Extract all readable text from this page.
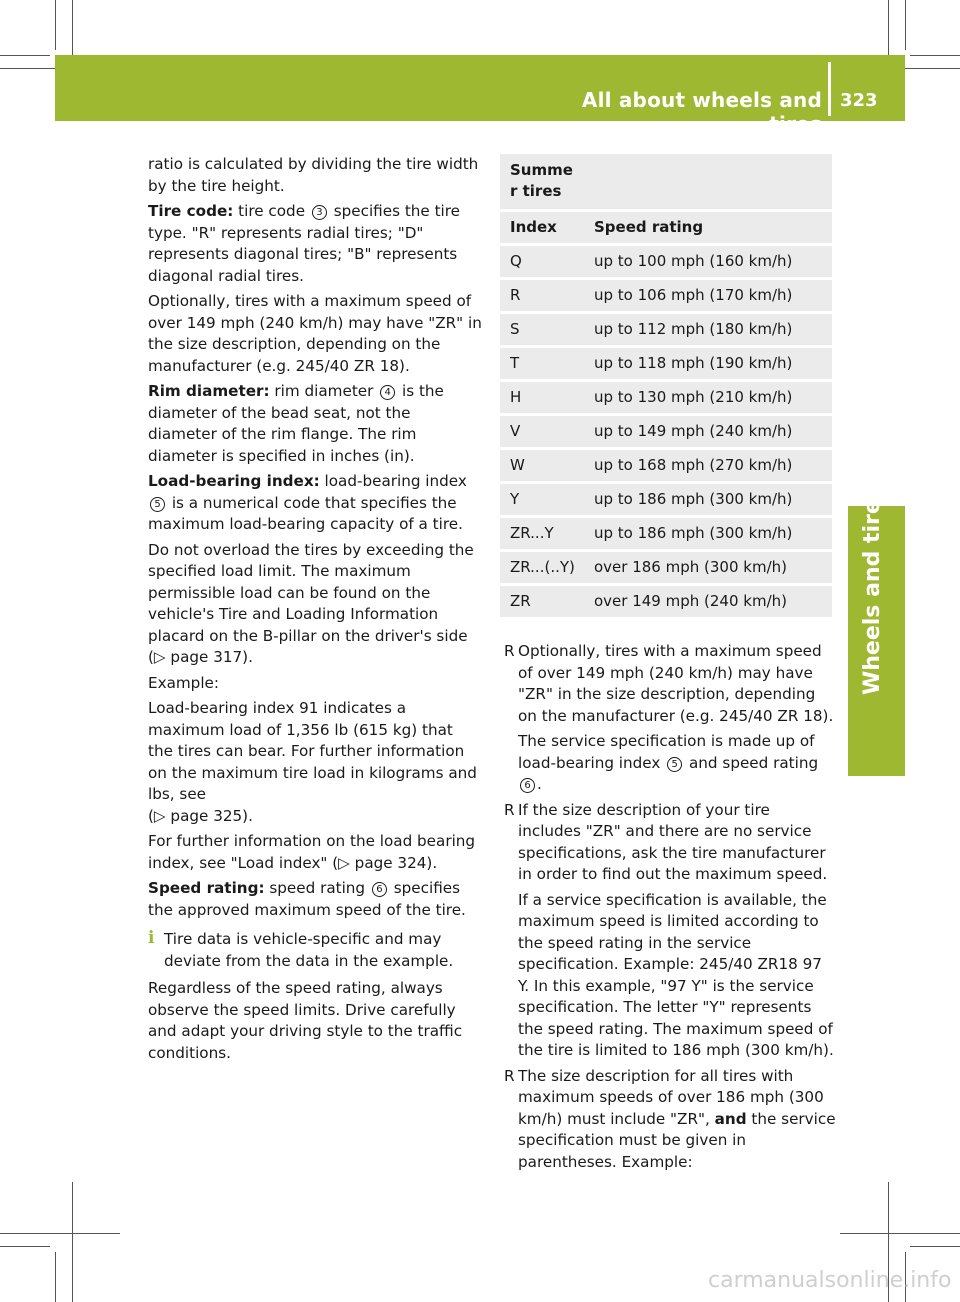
All about wheels and tires
323
Wheels and tires

ratio is calculated by dividing the tire width by the tire height.

Tire code: tire code 3 specifies the tire type. "R" represents radial tires; "D" represents diagonal tires; "B" represents diagonal radial tires.

Optionally, tires with a maximum speed of over 149 mph (240 km/h) may have "ZR" in the size description, depending on the manufacturer (e.g. 245/40 ZR 18).

Rim diameter: rim diameter 4 is the diameter of the bead seat, not the diameter of the rim flange. The rim diameter is specified in inches (in).

Load-bearing index: load-bearing index 5 is a numerical code that specifies the maximum load-bearing capacity of a tire.

Do not overload the tires by exceeding the specified load limit. The maximum permissible load can be found on the vehicle's Tire and Loading Information placard on the B-pillar on the driver's side
(▷ page 317).

Example:

Load-bearing index 91 indicates a maximum load of 1,356 lb (615 kg) that the tires can bear. For further information on the maximum tire load in kilograms and lbs, see
(▷ page 325).

For further information on the load bearing index, see "Load index" (▷ page 324).

Speed rating: speed rating 6 specifies the approved maximum speed of the tire.

i Tire data is vehicle-specific and may deviate from the data in the example.

Regardless of the speed rating, always observe the speed limits. Drive carefully and adapt your driving style to the traffic conditions.

Summe r tires	
Index	Speed rating
Q	up to 100 mph (160 km/h)
R	up to 106 mph (170 km/h)
S	up to 112 mph (180 km/h)
T	up to 118 mph (190 km/h)
H	up to 130 mph (210 km/h)
V	up to 149 mph (240 km/h)
W	up to 168 mph (270 km/h)
Y	up to 186 mph (300 km/h)
ZR...Y	up to 186 mph (300 km/h)
ZR...(..Y)	over 186 mph (300 km/h)
ZR	over 149 mph (240 km/h)
R Optionally, tires with a maximum speed of over 149 mph (240 km/h) may have "ZR" in the size description, depending on the manufacturer (e.g. 245/40 ZR 18).

The service specification is made up of load-bearing index 5 and speed rating 6 .

R If the size description of your tire includes "ZR" and there are no service specifications, ask the tire manufacturer in order to find out the maximum speed.

If a service specification is available, the maximum speed is limited according to the speed rating in the service specification. Example: 245/40 ZR18 97 Y. In this example, "97 Y" is the service specification. The letter "Y" represents the speed rating. The maximum speed of the tire is limited to 186 mph (300 km/h).

R The size description for all tires with maximum speeds of over 186 mph (300 km/h) must include "ZR", and the service specification must be given in parentheses. Example:

carmanualsonline.info
